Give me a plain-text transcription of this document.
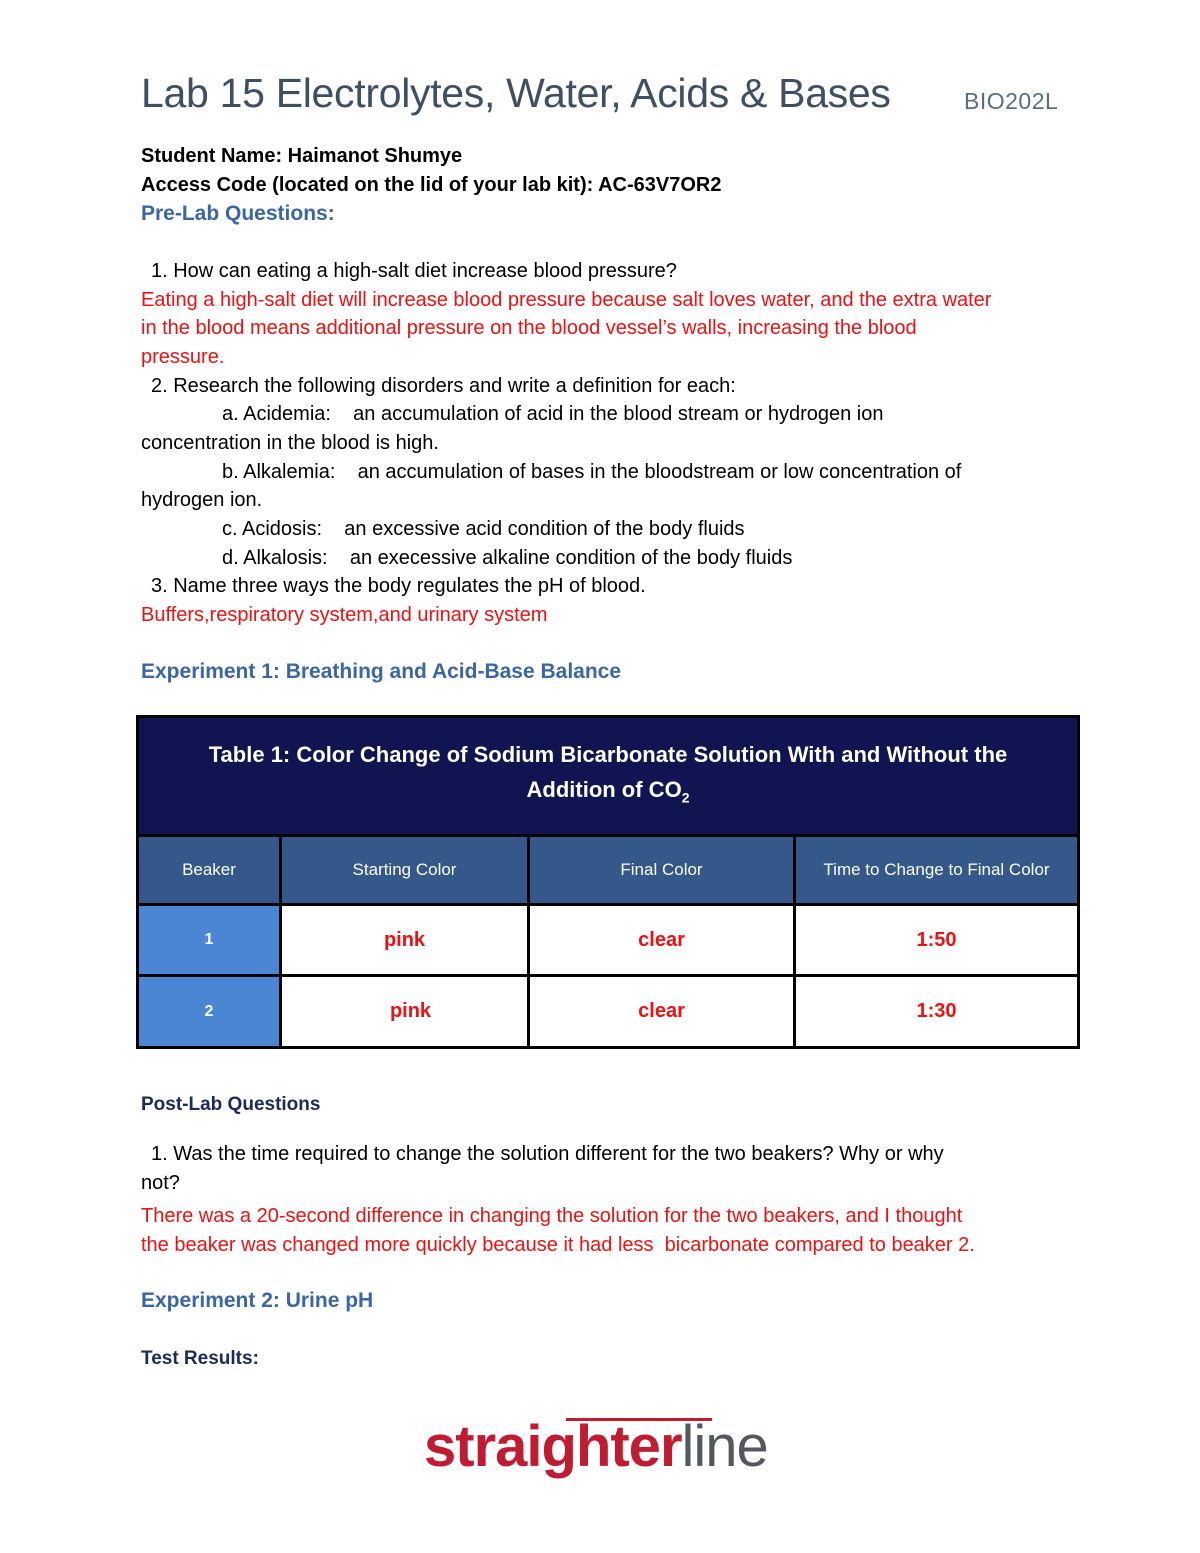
Lab 15 Electrolytes, Water, Acids & Bases	BIO202L
Student Name: Haimanot Shumye
Access Code (located on the lid of your lab kit): AC-63V7OR2
Pre-Lab Questions:
1. How can eating a high-salt diet increase blood pressure?
Eating a high-salt diet will increase blood pressure because salt loves water, and the extra water
in the blood means additional pressure on the blood vessel’s walls, increasing the blood
pressure.
2. Research the following disorders and write a definition for each:
a. Acidemia:    an accumulation of acid in the blood stream or hydrogen ion
concentration in the blood is high.
b. Alkalemia:    an accumulation of bases in the bloodstream or low concentration of
hydrogen ion.
c. Acidosis:    an excessive acid condition of the body fluids
d. Alkalosis:    an execessive alkaline condition of the body fluids
3. Name three ways the body regulates the pH of blood.
Buffers,respiratory system,and urinary system
Experiment 1: Breathing and Acid-Base Balance
Table 1: Color Change of Sodium Bicarbonate Solution With and Without the
Addition of $CO_2$
Beaker	Starting Color	Final Color	Time to Change to Final Color
1	pink	clear	1:50
2	pink	clear	1:30
Post-Lab Questions
1. Was the time required to change the solution different for the two beakers? Why or why
not?
There was a 20-second difference in changing the solution for the two beakers, and I thought
the beaker was changed more quickly because it had less  bicarbonate compared to beaker 2.
Experiment 2: Urine pH
Test Results:
straighterline
